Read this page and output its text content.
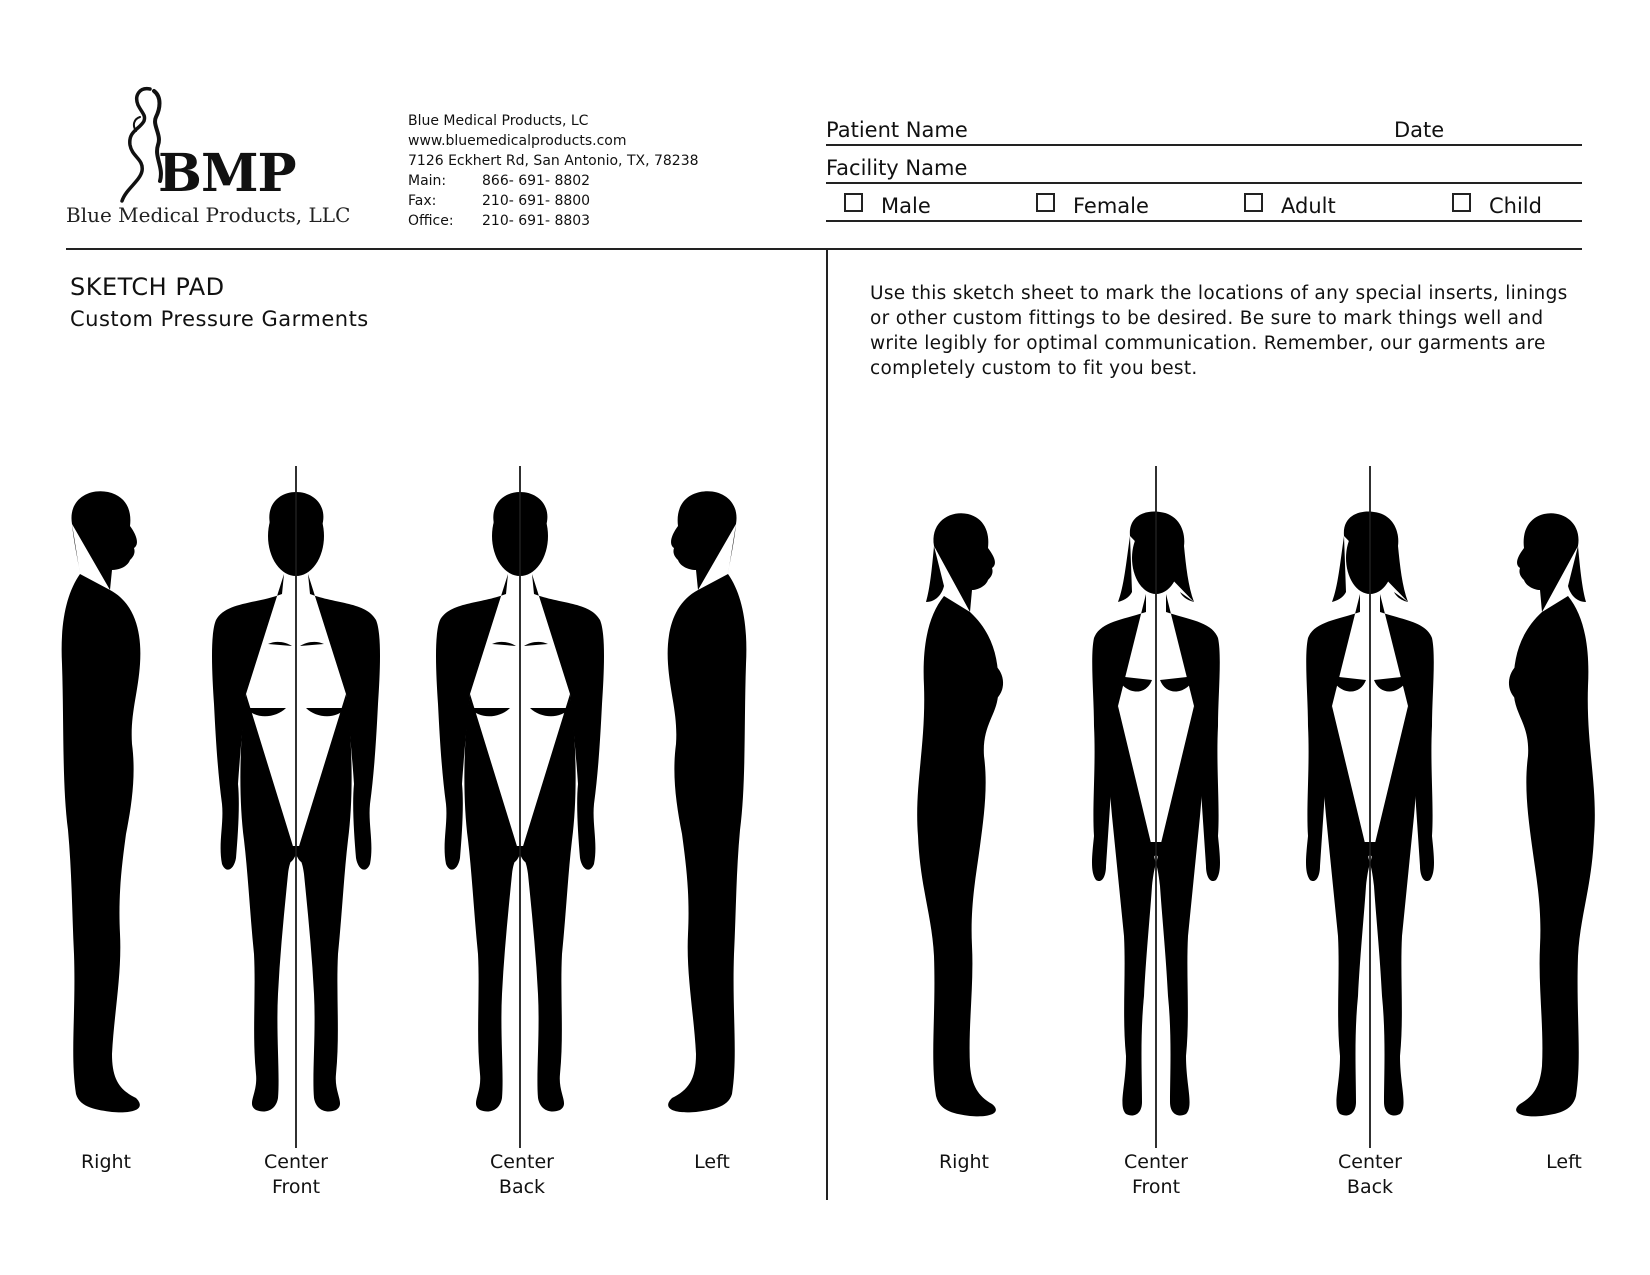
BMP
Blue Medical Products, LLC
Blue Medical Products, LC
www.bluemedicalproducts.com
7126 Eckhert Rd, San Antonio, TX, 78238
Main:	866- 691- 8802
Fax:	210- 691- 8800
Office: 210- 691- 8803
Patient Name	Date
Facility Name
Male	Female	Adult	Child
SKETCH PAD
Custom Pressure Garments
Use this sketch sheet to mark the locations of any special inserts, linings or other custom fittings to be desired. Be sure to mark things well and write legibly for optimal communication. Remember, our garments are completely custom to fit you best.
Right	Center
Front
Center
Back
Left	Right	Center
Front
Center
Back
Left
